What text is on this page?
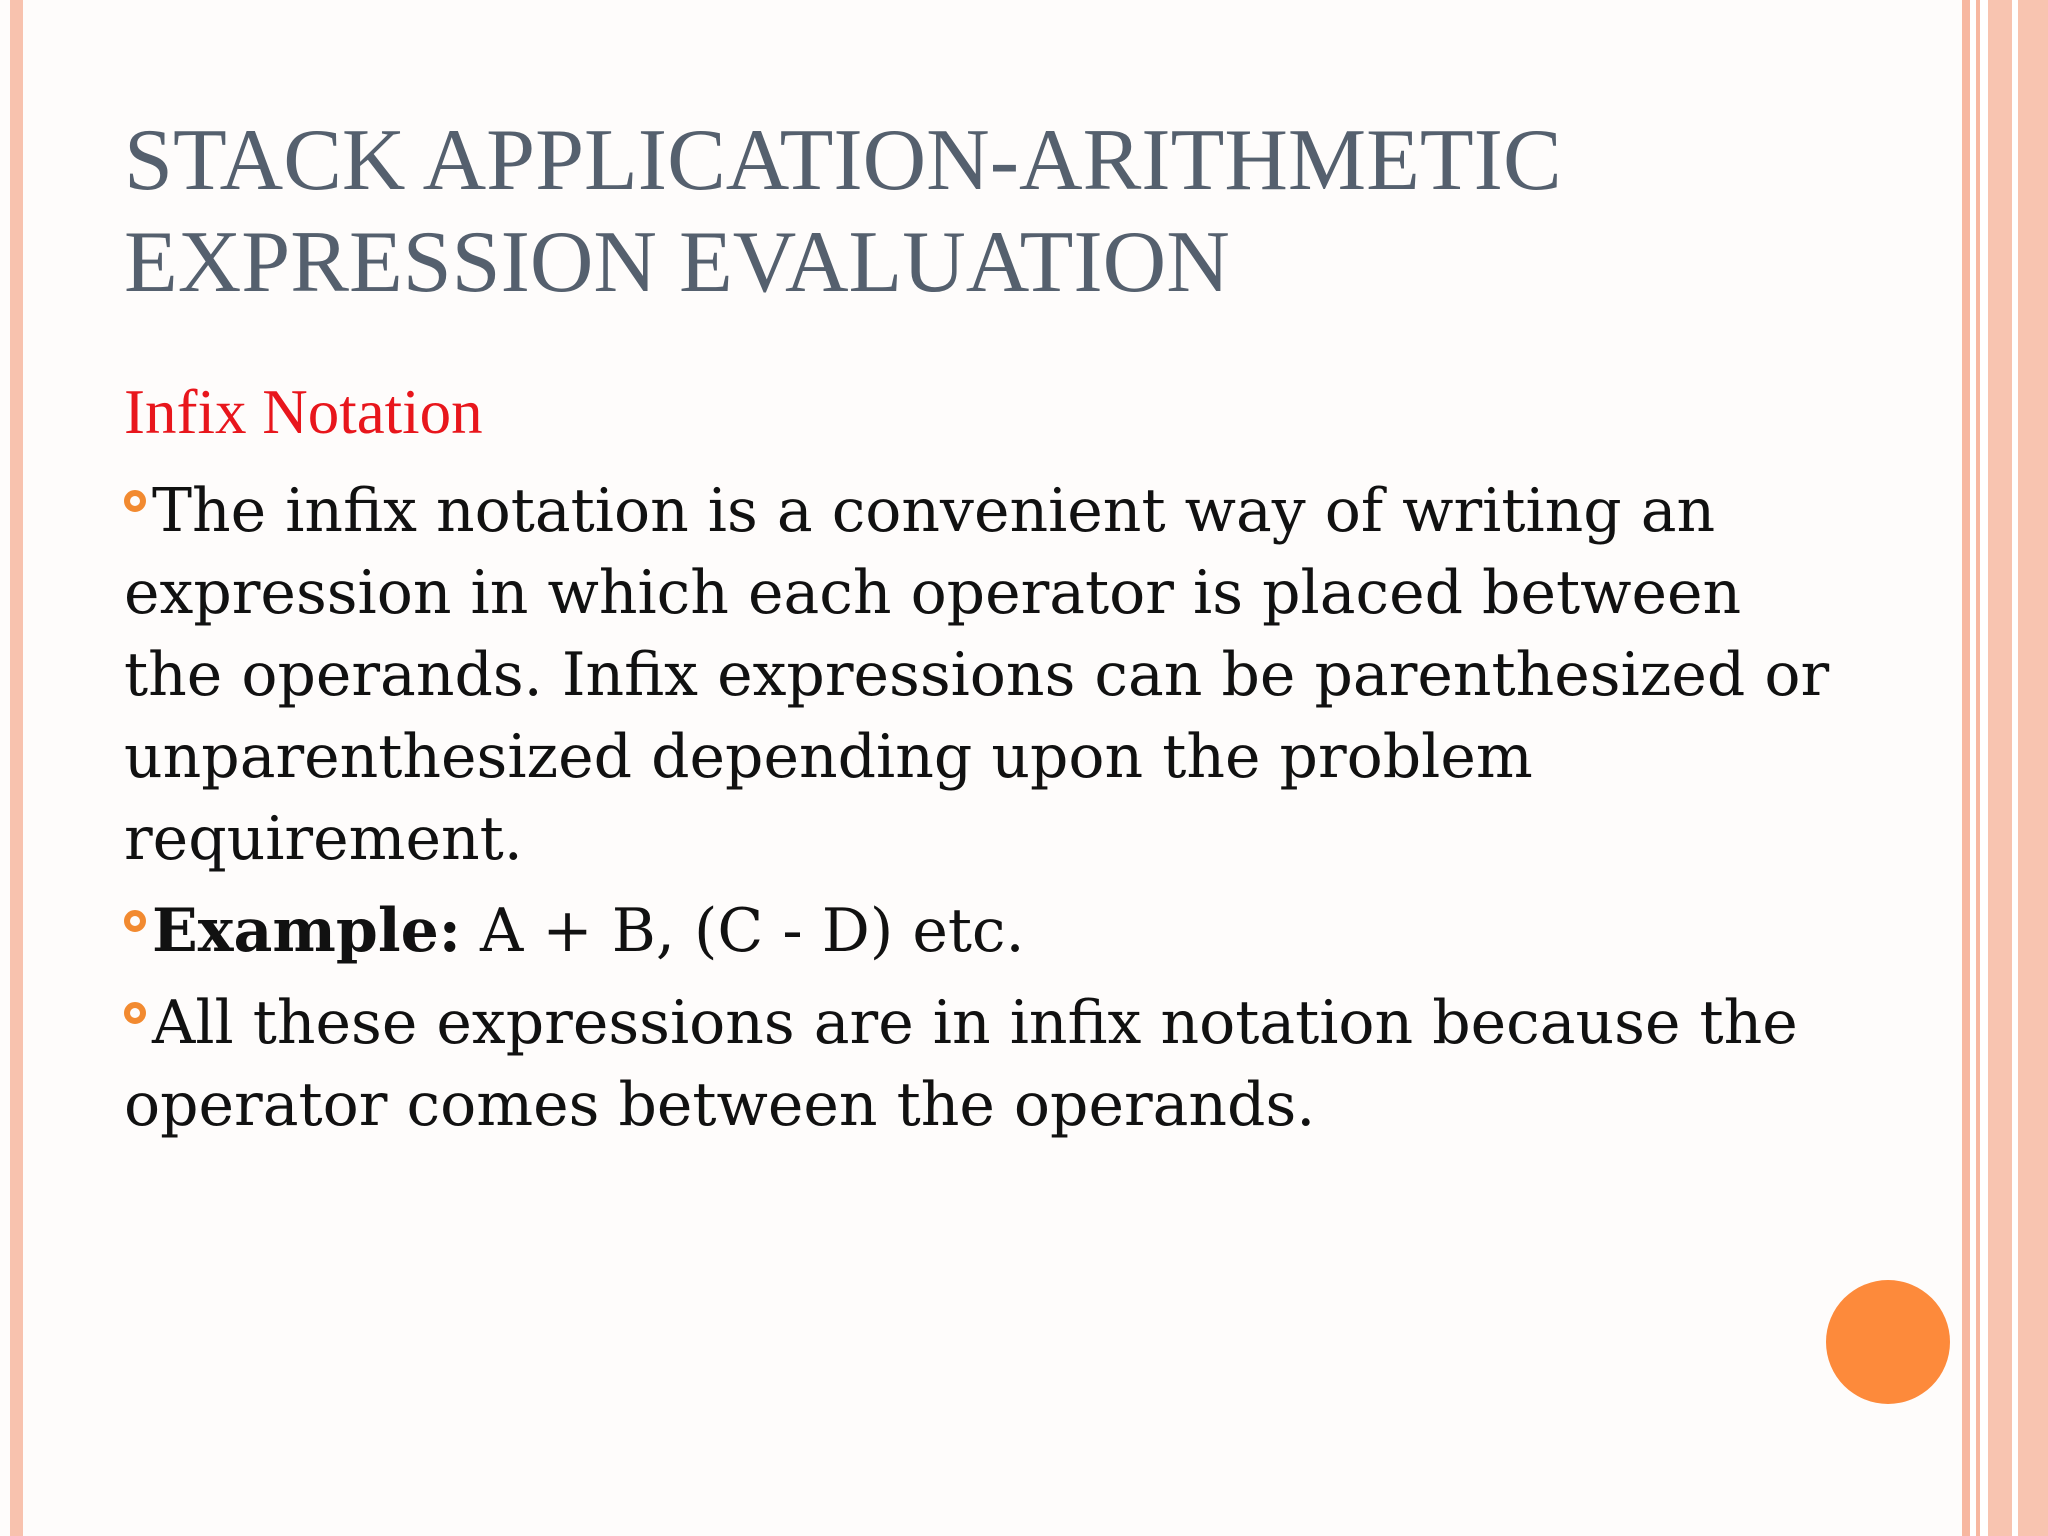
STACK APPLICATION-ARITHMETIC
EXPRESSION EVALUATION
Infix Notation
The infix notation is a convenient way of writing an expression in which each operator is placed between the operands. Infix expressions can be parenthesized or unparenthesized depending upon the problem requirement.
Example: A + B, (C - D) etc.
All these expressions are in infix notation because the operator comes between the operands.
